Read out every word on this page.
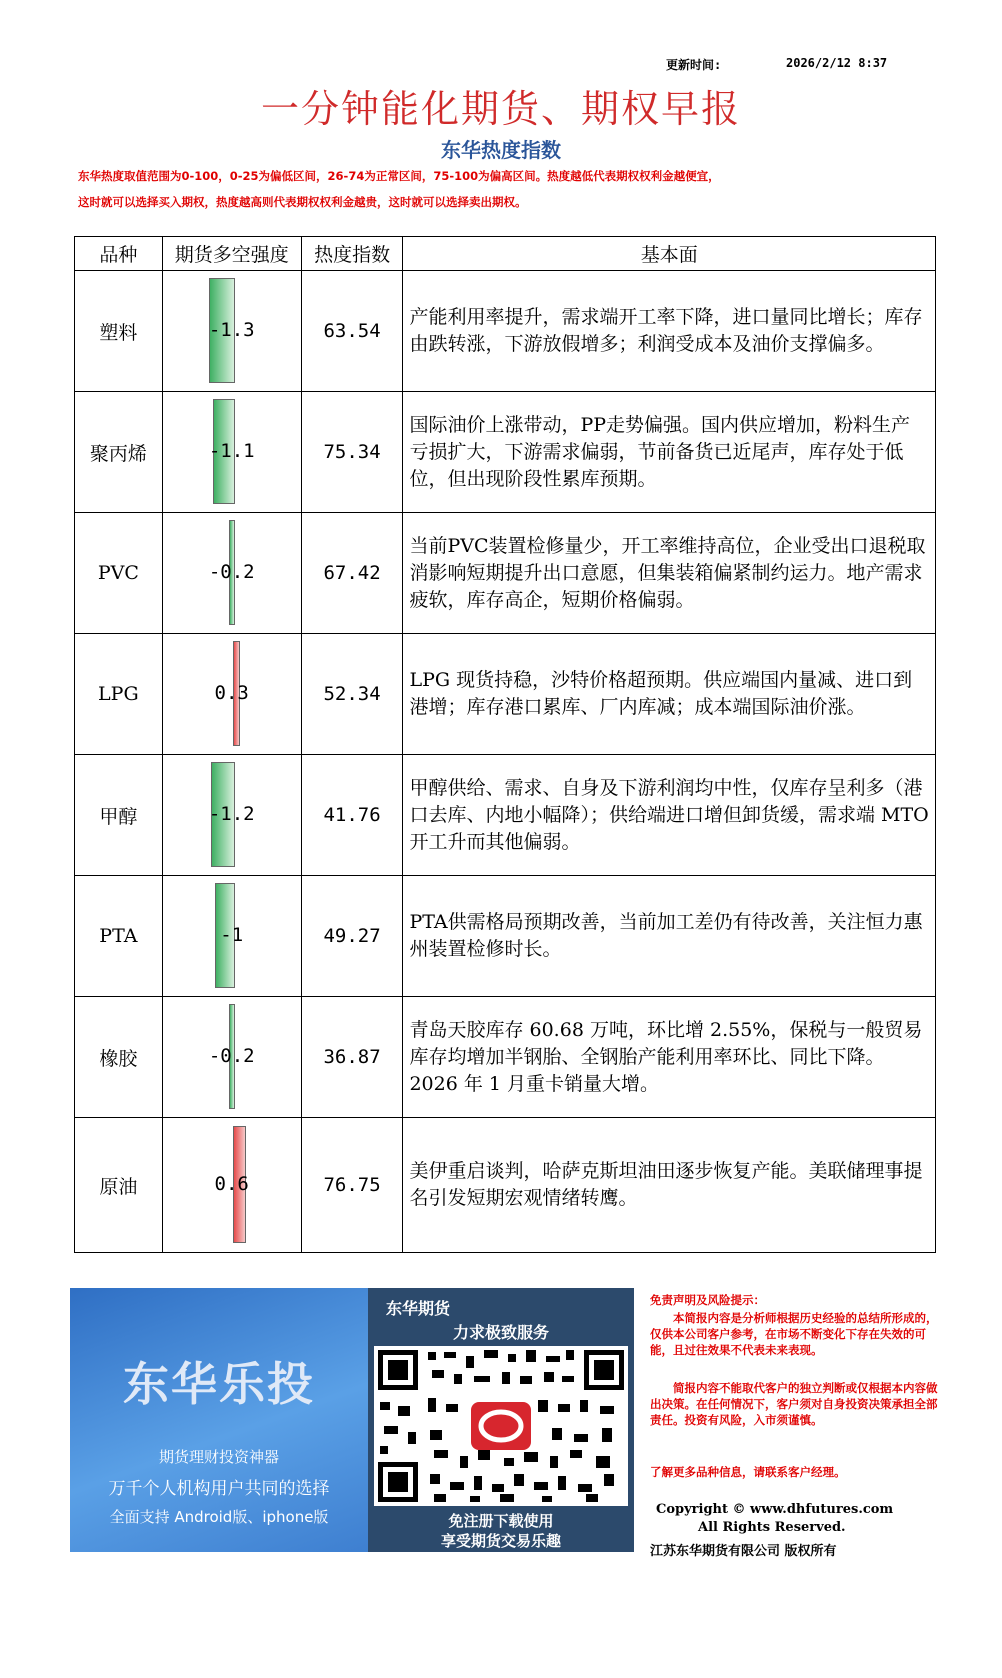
更新时间:	2026/2/12 8:37
一分钟能化期货、期权早报
东华热度指数
东华热度取值范围为0-100，0-25为偏低区间，26-74为正常区间，75-100为偏高区间。热度越低代表期权权利金越便宜，
这时就可以选择买入期权，热度越高则代表期权权利金越贵，这时就可以选择卖出期权。
品种	期货多空强度	热度指数	基本面
塑料	-1.3	63.54	产能利用率提升，需求端开工率下降，进口量同比增长；库存由跌转涨，下游放假增多；利润受成本及油价支撑偏多。
聚丙烯	-1.1	75.34	国际油价上涨带动，PP走势偏强。国内供应增加，粉料生产亏损扩大，下游需求偏弱，节前备货已近尾声，库存处于低位，但出现阶段性累库预期。
PVC	-0.2	67.42	当前PVC装置检修量少，开工率维持高位，企业受出口退税取消影响短期提升出口意愿，但集装箱偏紧制约运力。地产需求疲软，库存高企，短期价格偏弱。
LPG	0.3	52.34	LPG 现货持稳，沙特价格超预期。供应端国内量减、进口到港增；库存港口累库、厂内库减；成本端国际油价涨。
甲醇	-1.2	41.76	甲醇供给、需求、自身及下游利润均中性，仅库存呈利多（港口去库、内地小幅降）；供给端进口增但卸货缓，需求端 MTO 开工升而其他偏弱。
PTA	-1	49.27	PTA供需格局预期改善，当前加工差仍有待改善，关注恒力惠州装置检修时长。
橡胶	-0.2	36.87	青岛天胶库存 60.68 万吨，环比增 2.55%，保税与一般贸易库存均增加半钢胎、全钢胎产能利用率环比、同比下降。2026 年 1 月重卡销量大增。
原油	0.6	76.75	美伊重启谈判，哈萨克斯坦油田逐步恢复产能。美联储理事提名引发短期宏观情绪转鹰。
东华乐投
期货理财投资神器
万千个人机构用户共同的选择
全面支持 Android版、iphone版
东华期货
力求极致服务
免注册下载使用
享受期货交易乐趣
免责声明及风险提示：
本简报内容是分析师根据历史经验的总结所形成的，仅供本公司客户参考，在市场不断变化下存在失效的可能，且过往效果不代表未来表现。
简报内容不能取代客户的独立判断或仅根据本内容做出决策。在任何情况下，客户须对自身投资决策承担全部责任。投资有风险，入市须谨慎。
了解更多品种信息，请联系客户经理。
Copyright © www.dhfutures.com
All Rights Reserved.
江苏东华期货有限公司 版权所有
